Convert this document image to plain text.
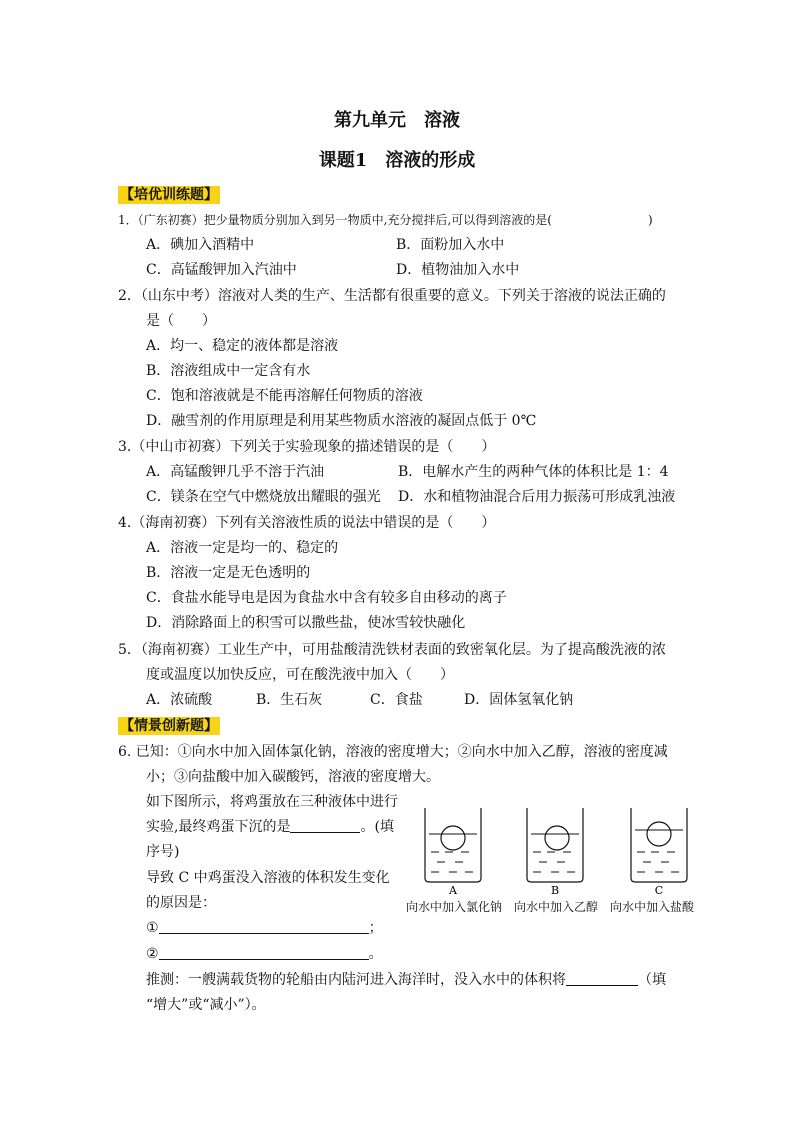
第九单元　溶液
课题1　溶液的形成
【培优训练题】
1．（广东初赛）把少量物质分别加入到另一物质中,充分搅拌后,可以得到溶液的是(　　　　　　　　)
A．碘加入酒精中	B．面粉加入水中
C．高锰酸钾加入汽油中	D．植物油加入水中
2．（山东中考）溶液对人类的生产、生活都有很重要的意义。下列关于溶液的说法正确的
是（　　）
A．均一、稳定的液体都是溶液
B．溶液组成中一定含有水
C．饱和溶液就是不能再溶解任何物质的溶液
D．融雪剂的作用原理是利用某些物质水溶液的凝固点低于 0℃
3.（中山市初赛）下列关于实验现象的描述错误的是（　　）
A．高锰酸钾几乎不溶于汽油	B．电解水产生的两种气体的体积比是 1：4
C．镁条在空气中燃烧放出耀眼的强光 D．水和植物油混合后用力振荡可形成乳浊液
4.（海南初赛）下列有关溶液性质的说法中错误的是（　　）
A．溶液一定是均一的、稳定的
B．溶液一定是无色透明的
C．食盐水能导电是因为食盐水中含有较多自由移动的离子
D．消除路面上的积雪可以撒些盐，使冰雪较快融化
5．（海南初赛）工业生产中，可用盐酸清洗铁材表面的致密氧化层。为了提高酸洗液的浓
度或温度以加快反应，可在酸洗液中加入（　　）
A．浓硫酸	B．生石灰	C．食盐	D．固体氢氧化钠
【情景创新题】
6. 已知：①向水中加入固体氯化钠，溶液的密度增大；②向水中加入乙醇，溶液的密度减
小；③向盐酸中加入碳酸钙，溶液的密度增大。
如下图所示，将鸡蛋放在三种液体中进行
实验,最终鸡蛋下沉的是	。(填
序号)
导致 C 中鸡蛋没入溶液的体积发生变化
的原因是：
①	；
②	。
推测：一艘满载货物的轮船由内陆河进入海洋时，没入水中的体积将	（填
“增大”或“减小”）。
A	B	C
向水中加入氯化钠 向水中加入乙醇 向水中加入盐酸
